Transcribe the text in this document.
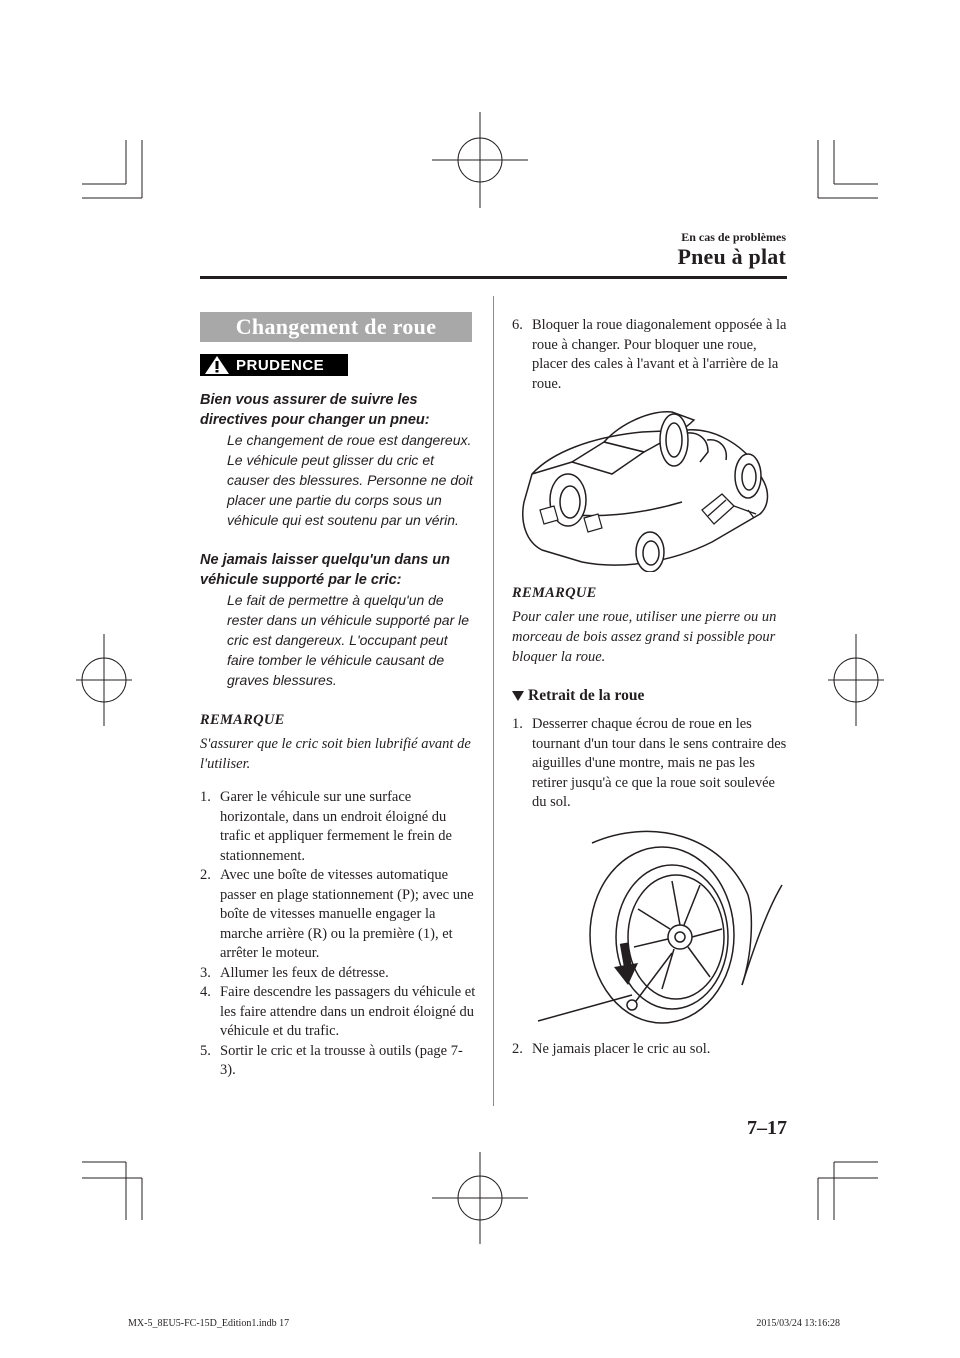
En cas de problèmes
Pneu à plat
Changement de roue
PRUDENCE
Bien vous assurer de suivre les directives pour changer un pneu:
Le changement de roue est dangereux. Le véhicule peut glisser du cric et causer des blessures. Personne ne doit placer une partie du corps sous un véhicule qui est soutenu par un vérin.
Ne jamais laisser quelqu'un dans un véhicule supporté par le cric:
Le fait de permettre à quelqu'un de rester dans un véhicule supporté par le cric est dangereux. L'occupant peut faire tomber le véhicule causant de graves blessures.
REMARQUE
S'assurer que le cric soit bien lubrifié avant de l'utiliser.
1. Garer le véhicule sur une surface horizontale, dans un endroit éloigné du trafic et appliquer fermement le frein de stationnement.
2. Avec une boîte de vitesses automatique passer en plage stationnement (P); avec une boîte de vitesses manuelle engager la marche arrière (R) ou la première (1), et arrêter le moteur.
3. Allumer les feux de détresse.
4. Faire descendre les passagers du véhicule et les faire attendre dans un endroit éloigné du véhicule et du trafic.
5. Sortir le cric et la trousse à outils (page 7-3).
6. Bloquer la roue diagonalement opposée à la roue à changer. Pour bloquer une roue, placer des cales à l'avant et à l'arrière de la roue.
REMARQUE
Pour caler une roue, utiliser une pierre ou un morceau de bois assez grand si possible pour bloquer la roue.
Retrait de la roue
1. Desserrer chaque écrou de roue en les tournant d'un tour dans le sens contraire des aiguilles d'une montre, mais ne pas les retirer jusqu'à ce que la roue soit soulevée du sol.
2. Ne jamais placer le cric au sol.
7–17
MX-5_8EU5-FC-15D_Edition1.indb 17	2015/03/24 13:16:28
